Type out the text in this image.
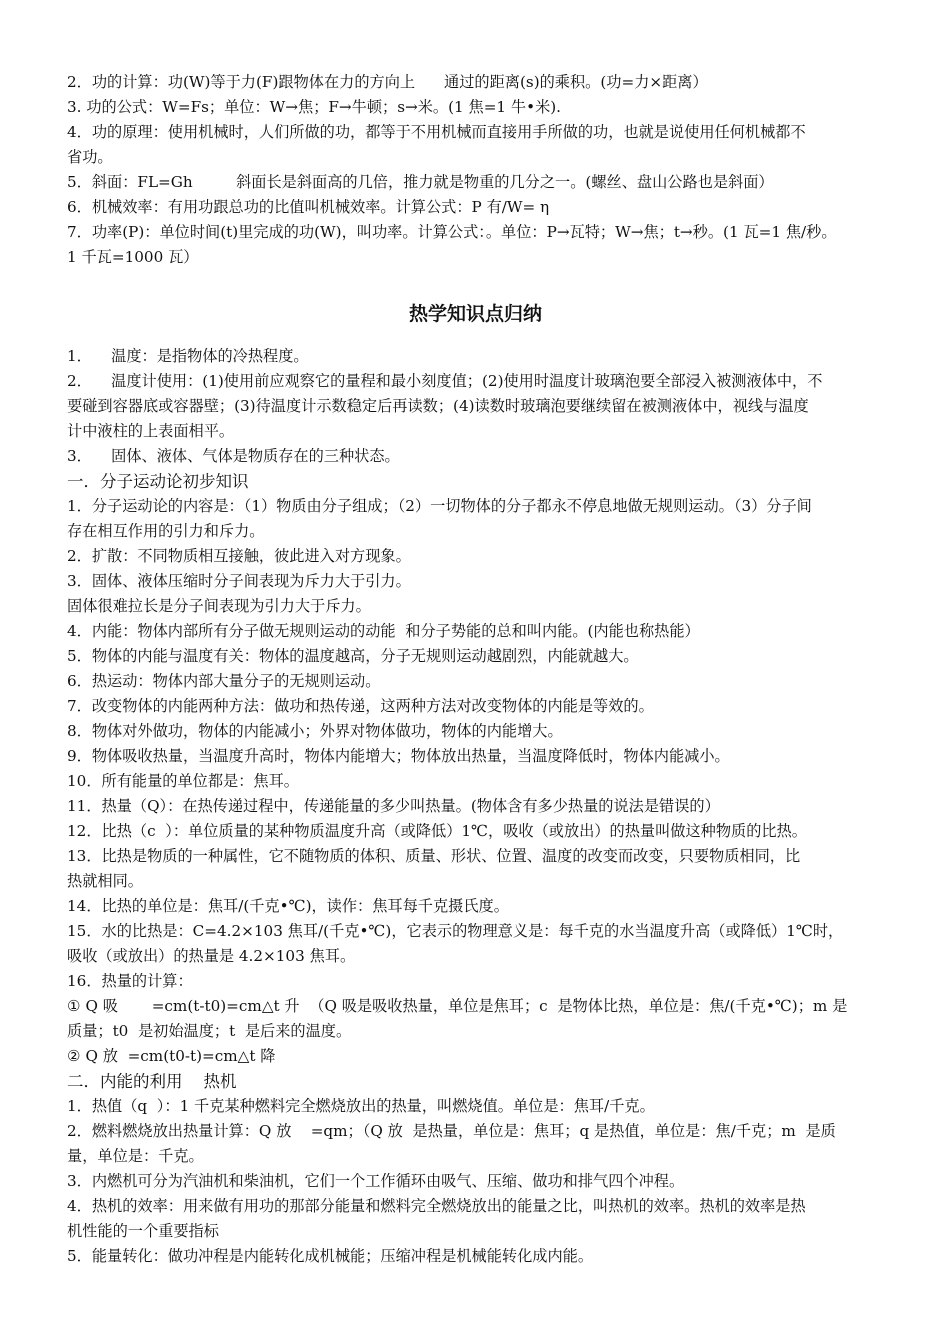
2．功的计算：功(W)等于力(F)跟物体在力的方向上      通过的距离(s)的乘积。(功=力×距离）

3. 功的公式：W=Fs；单位：W→焦；F→牛顿；s→米。(1 焦=1 牛•米).

4．功的原理：使用机械时，人们所做的功，都等于不用机械而直接用手所做的功，也就是说使用任何机械都不

省功。

5．斜面：FL=Gh         斜面长是斜面高的几倍，推力就是物重的几分之一。(螺丝、盘山公路也是斜面）

6．机械效率：有用功跟总功的比值叫机械效率。计算公式：P 有/W= η

7．功率(P)：单位时间(t)里完成的功(W)，叫功率。计算公式：。单位：P→瓦特；W→焦；t→秒。(1 瓦=1 焦/秒。

1 千瓦=1000 瓦）

热学知识点归纳

1．    温度：是指物体的冷热程度。

2．    温度计使用：(1)使用前应观察它的量程和最小刻度值；(2)使用时温度计玻璃泡要全部浸入被测液体中，不

要碰到容器底或容器壁；(3)待温度计示数稳定后再读数；(4)读数时玻璃泡要继续留在被测液体中，视线与温度

计中液柱的上表面相平。

3．    固体、液体、气体是物质存在的三种状态。

一．分子运动论初步知识

1．分子运动论的内容是：（1）物质由分子组成；（2）一切物体的分子都永不停息地做无规则运动。（3）分子间

存在相互作用的引力和斥力。

2．扩散：不同物质相互接触，彼此进入对方现象。

3．固体、液体压缩时分子间表现为斥力大于引力。

固体很难拉长是分子间表现为引力大于斥力。

4．内能：物体内部所有分子做无规则运动的动能  和分子势能的总和叫内能。(内能也称热能）

5．物体的内能与温度有关：物体的温度越高，分子无规则运动越剧烈，内能就越大。

6．热运动：物体内部大量分子的无规则运动。

7．改变物体的内能两种方法：做功和热传递，这两种方法对改变物体的内能是等效的。

8．物体对外做功，物体的内能减小；外界对物体做功，物体的内能增大。

9．物体吸收热量，当温度升高时，物体内能增大；物体放出热量，当温度降低时，物体内能减小。

10．所有能量的单位都是：焦耳。

11．热量（Q）：在热传递过程中，传递能量的多少叫热量。(物体含有多少热量的说法是错误的）

12．比热（c  ）：单位质量的某种物质温度升高（或降低）1℃，吸收（或放出）的热量叫做这种物质的比热。

13．比热是物质的一种属性，它不随物质的体积、质量、形状、位置、温度的改变而改变，只要物质相同，比

热就相同。

14．比热的单位是：焦耳/(千克•℃)，读作：焦耳每千克摄氏度。

15．水的比热是：C=4.2×103 焦耳/(千克•℃)，它表示的物理意义是：每千克的水当温度升高（或降低）1℃时，

吸收（或放出）的热量是 4.2×103 焦耳。

16．热量的计算：

① Q 吸       =cm(t-t0)=cm△t 升  （Q 吸是吸收热量，单位是焦耳；c  是物体比热，单位是：焦/(千克•℃)；m 是

质量；t0  是初始温度；t  是后来的温度。

② Q 放  =cm(t0-t)=cm△t 降

二．内能的利用    热机

1．热值（q  ）：1 千克某种燃料完全燃烧放出的热量，叫燃烧值。单位是：焦耳/千克。

2．燃料燃烧放出热量计算：Q 放    =qm；（Q 放  是热量，单位是：焦耳；q 是热值，单位是：焦/千克；m  是质

量，单位是：千克。

3．内燃机可分为汽油机和柴油机，它们一个工作循环由吸气、压缩、做功和排气四个冲程。

4．热机的效率：用来做有用功的那部分能量和燃料完全燃烧放出的能量之比，叫热机的效率。热机的效率是热

机性能的一个重要指标

5．能量转化：做功冲程是内能转化成机械能；压缩冲程是机械能转化成内能。
